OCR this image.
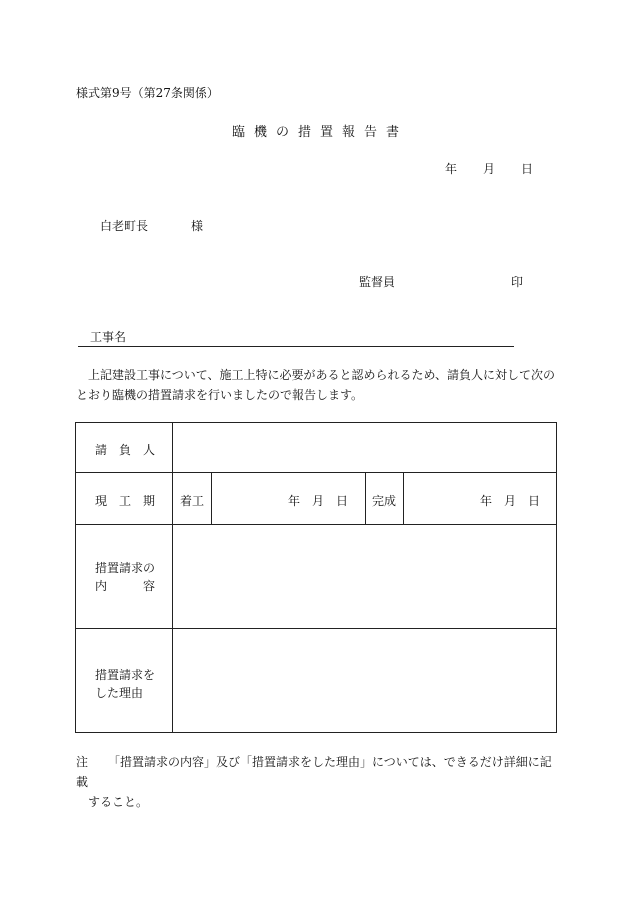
様式第9号（第27条関係）
臨機の措置報告書
年 月 日
白老町長	様
監督員	印
工事名
上記建設工事について、施工上特に必要があると認められるため、請負人に対して次の
とおり臨機の措置請求を行いましたので報告します。
請　負　人
現　工　期 着工	年　月　日 完成	年　月　日
措置請求の
内	容
措置請求を
した理由
注 「措置請求の内容」及び「措置請求をした理由」については、できるだけ詳細に記載
すること。
